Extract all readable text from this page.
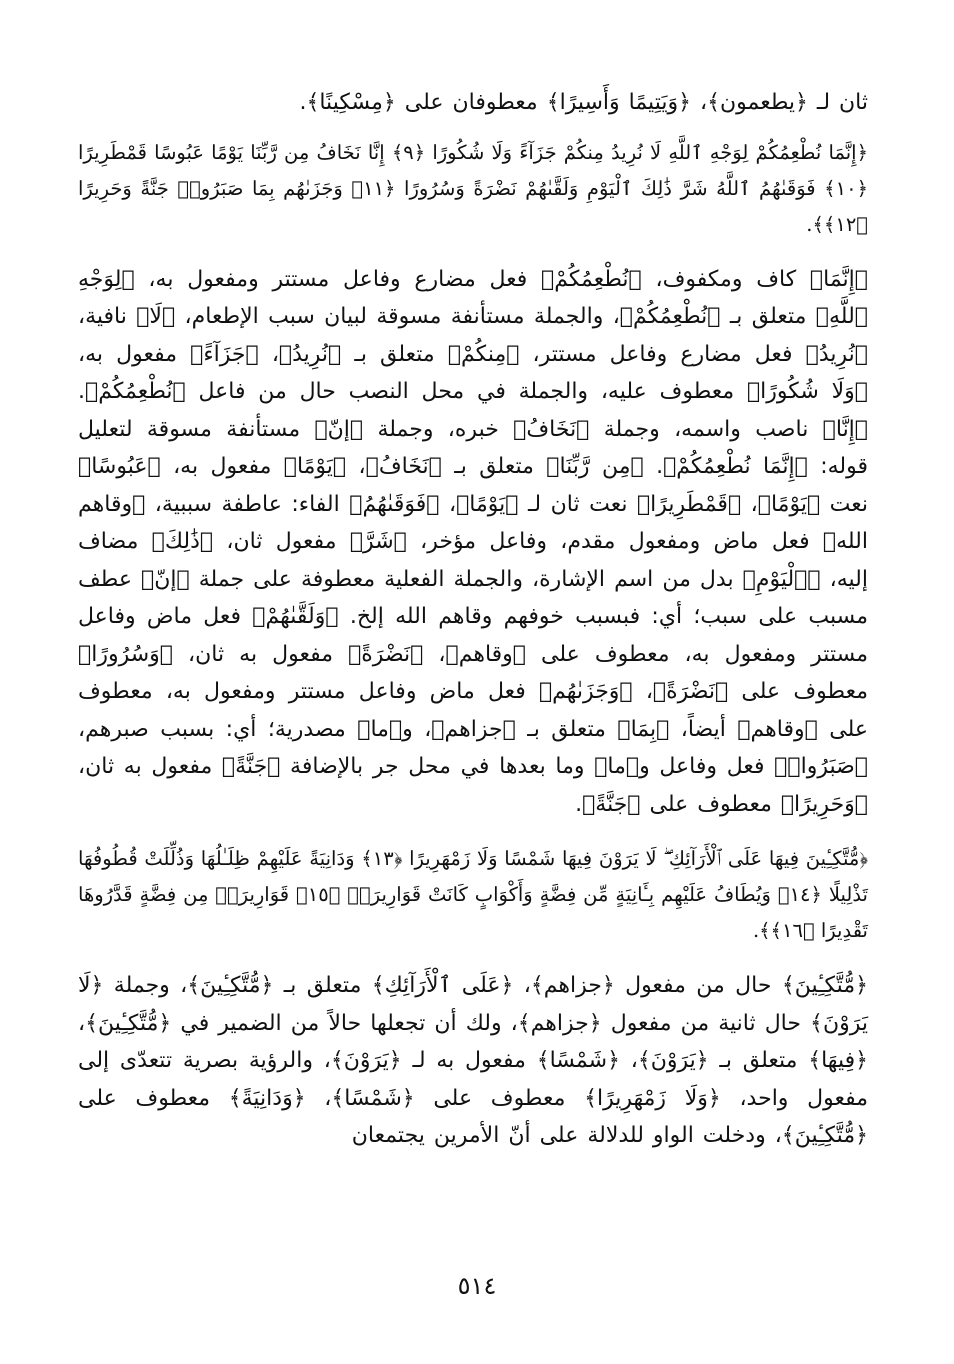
ثان لـ ﴿يطعمون﴾، ﴿وَيَتِيمًا وَأَسِيرًا﴾ معطوفان على ﴿مِسْكِينًا﴾.

﴿إِنَّمَا نُطْعِمُكُمْ لِوَجْهِ ٱللَّهِ لَا نُرِيدُ مِنكُمْ جَزَآءً وَلَا شُكُورًا ﴿٩﴾ إِنَّا نَخَافُ مِن رَّبِّنَا يَوْمًا عَبُوسًا قَمْطَرِيرًا ﴿١٠﴾ فَوَقَىٰهُمُ ٱللَّهُ شَرَّ ذَٰلِكَ ٱلْيَوْمِ وَلَقَّىٰهُمْ نَضْرَةً وَسُرُورًا ﴿١١﴾ وَجَزَىٰهُم بِمَا صَبَرُوا۟ جَنَّةً وَحَرِيرًا ﴿١٢﴾﴾.

﴿إِنَّمَا﴾ كاف ومكفوف، ﴿نُطْعِمُكُمْ﴾ فعل مضارع وفاعل مستتر ومفعول به، ﴿لِوَجْهِ ٱللَّهِ﴾ متعلق بـ ﴿نُطْعِمُكُمْ﴾، والجملة مستأنفة مسوقة لبيان سبب الإطعام، ﴿لَا﴾ نافية، ﴿نُرِيدُ﴾ فعل مضارع وفاعل مستتر، ﴿مِنكُمْ﴾ متعلق بـ ﴿نُرِيدُ﴾، ﴿جَزَآءً﴾ مفعول به، ﴿وَلَا شُكُورًا﴾ معطوف عليه، والجملة في محل النصب حال من فاعل ﴿نُطْعِمُكُمْ﴾. ﴿إِنَّا﴾ ناصب واسمه، وجملة ﴿نَخَافُ﴾ خبره، وجملة ﴿إنّ﴾ مستأنفة مسوقة لتعليل قوله: ﴿إِنَّمَا نُطْعِمُكُمْ﴾. ﴿مِن رَّبِّنَا﴾ متعلق بـ ﴿نَخَافُ﴾، ﴿يَوْمًا﴾ مفعول به، ﴿عَبُوسًا﴾ نعت ﴿يَوْمًا﴾، ﴿قَمْطَرِيرًا﴾ نعت ثان لـ ﴿يَوْمًا﴾، ﴿فَوَقَىٰهُمُ﴾ الفاء: عاطفة سببية، ﴿وقاهم الله﴾ فعل ماض ومفعول مقدم، وفاعل مؤخر، ﴿شَرَّ﴾ مفعول ثان، ﴿ذَٰلِكَ﴾ مضاف إليه، ﴿ٱلْيَوْمِ﴾ بدل من اسم الإشارة، والجملة الفعلية معطوفة على جملة ﴿إنّ﴾ عطف مسبب على سبب؛ أي: فبسبب خوفهم وقاهم الله إلخ. ﴿وَلَقَّىٰهُمْ﴾ فعل ماض وفاعل مستتر ومفعول به، معطوف على ﴿وقاهم﴾، ﴿نَضْرَةً﴾ مفعول به ثان، ﴿وَسُرُورًا﴾ معطوف على ﴿نَضْرَةً﴾، ﴿وَجَزَىٰهُم﴾ فعل ماض وفاعل مستتر ومفعول به، معطوف على ﴿وقاهم﴾ أيضاً، ﴿بِمَا﴾ متعلق بـ ﴿جزاهم﴾، و﴿ما﴾ مصدرية؛ أي: بسبب صبرهم، ﴿صَبَرُوا۟﴾ فعل وفاعل و﴿ما﴾ وما بعدها في محل جر بالإضافة ﴿جَنَّةً﴾ مفعول به ثان، ﴿وَحَرِيرًا﴾ معطوف على ﴿جَنَّةً﴾.

﴿مُّتَّكِـِٔينَ فِيهَا عَلَى ٱلْأَرَآئِكِ ۖ لَا يَرَوْنَ فِيهَا شَمْسًا وَلَا زَمْهَرِيرًا ﴿١٣﴾ وَدَانِيَةً عَلَيْهِمْ ظِلَـٰلُهَا وَذُلِّلَتْ قُطُوفُهَا تَذْلِيلًا ﴿١٤﴾ وَيُطَافُ عَلَيْهِم بِـَٔانِيَةٍ مِّن فِضَّةٍ وَأَكْوَابٍ كَانَتْ قَوَارِيرَا۠ ﴿١٥﴾ قَوَارِيرَا۟ مِن فِضَّةٍ قَدَّرُوهَا تَقْدِيرًا ﴿١٦﴾﴾.

﴿مُّتَّكِـِٔينَ﴾ حال من مفعول ﴿جزاهم﴾، ﴿عَلَى ٱلْأَرَآئِكِ﴾ متعلق بـ ﴿مُّتَّكِـِٔينَ﴾، وجملة ﴿لَا يَرَوْنَ﴾ حال ثانية من مفعول ﴿جزاهم﴾، ولك أن تجعلها حالاً من الضمير في ﴿مُّتَّكِـِٔينَ﴾، ﴿فِيهَا﴾ متعلق بـ ﴿يَرَوْنَ﴾، ﴿شَمْسًا﴾ مفعول به لـ ﴿يَرَوْنَ﴾، والرؤية بصرية تتعدّى إلى مفعول واحد، ﴿وَلَا زَمْهَرِيرًا﴾ معطوف على ﴿شَمْسًا﴾، ﴿وَدَانِيَةً﴾ معطوف على ﴿مُّتَّكِـِٔينَ﴾، ودخلت الواو للدلالة على أنّ الأمرين يجتمعان

٥١٤
